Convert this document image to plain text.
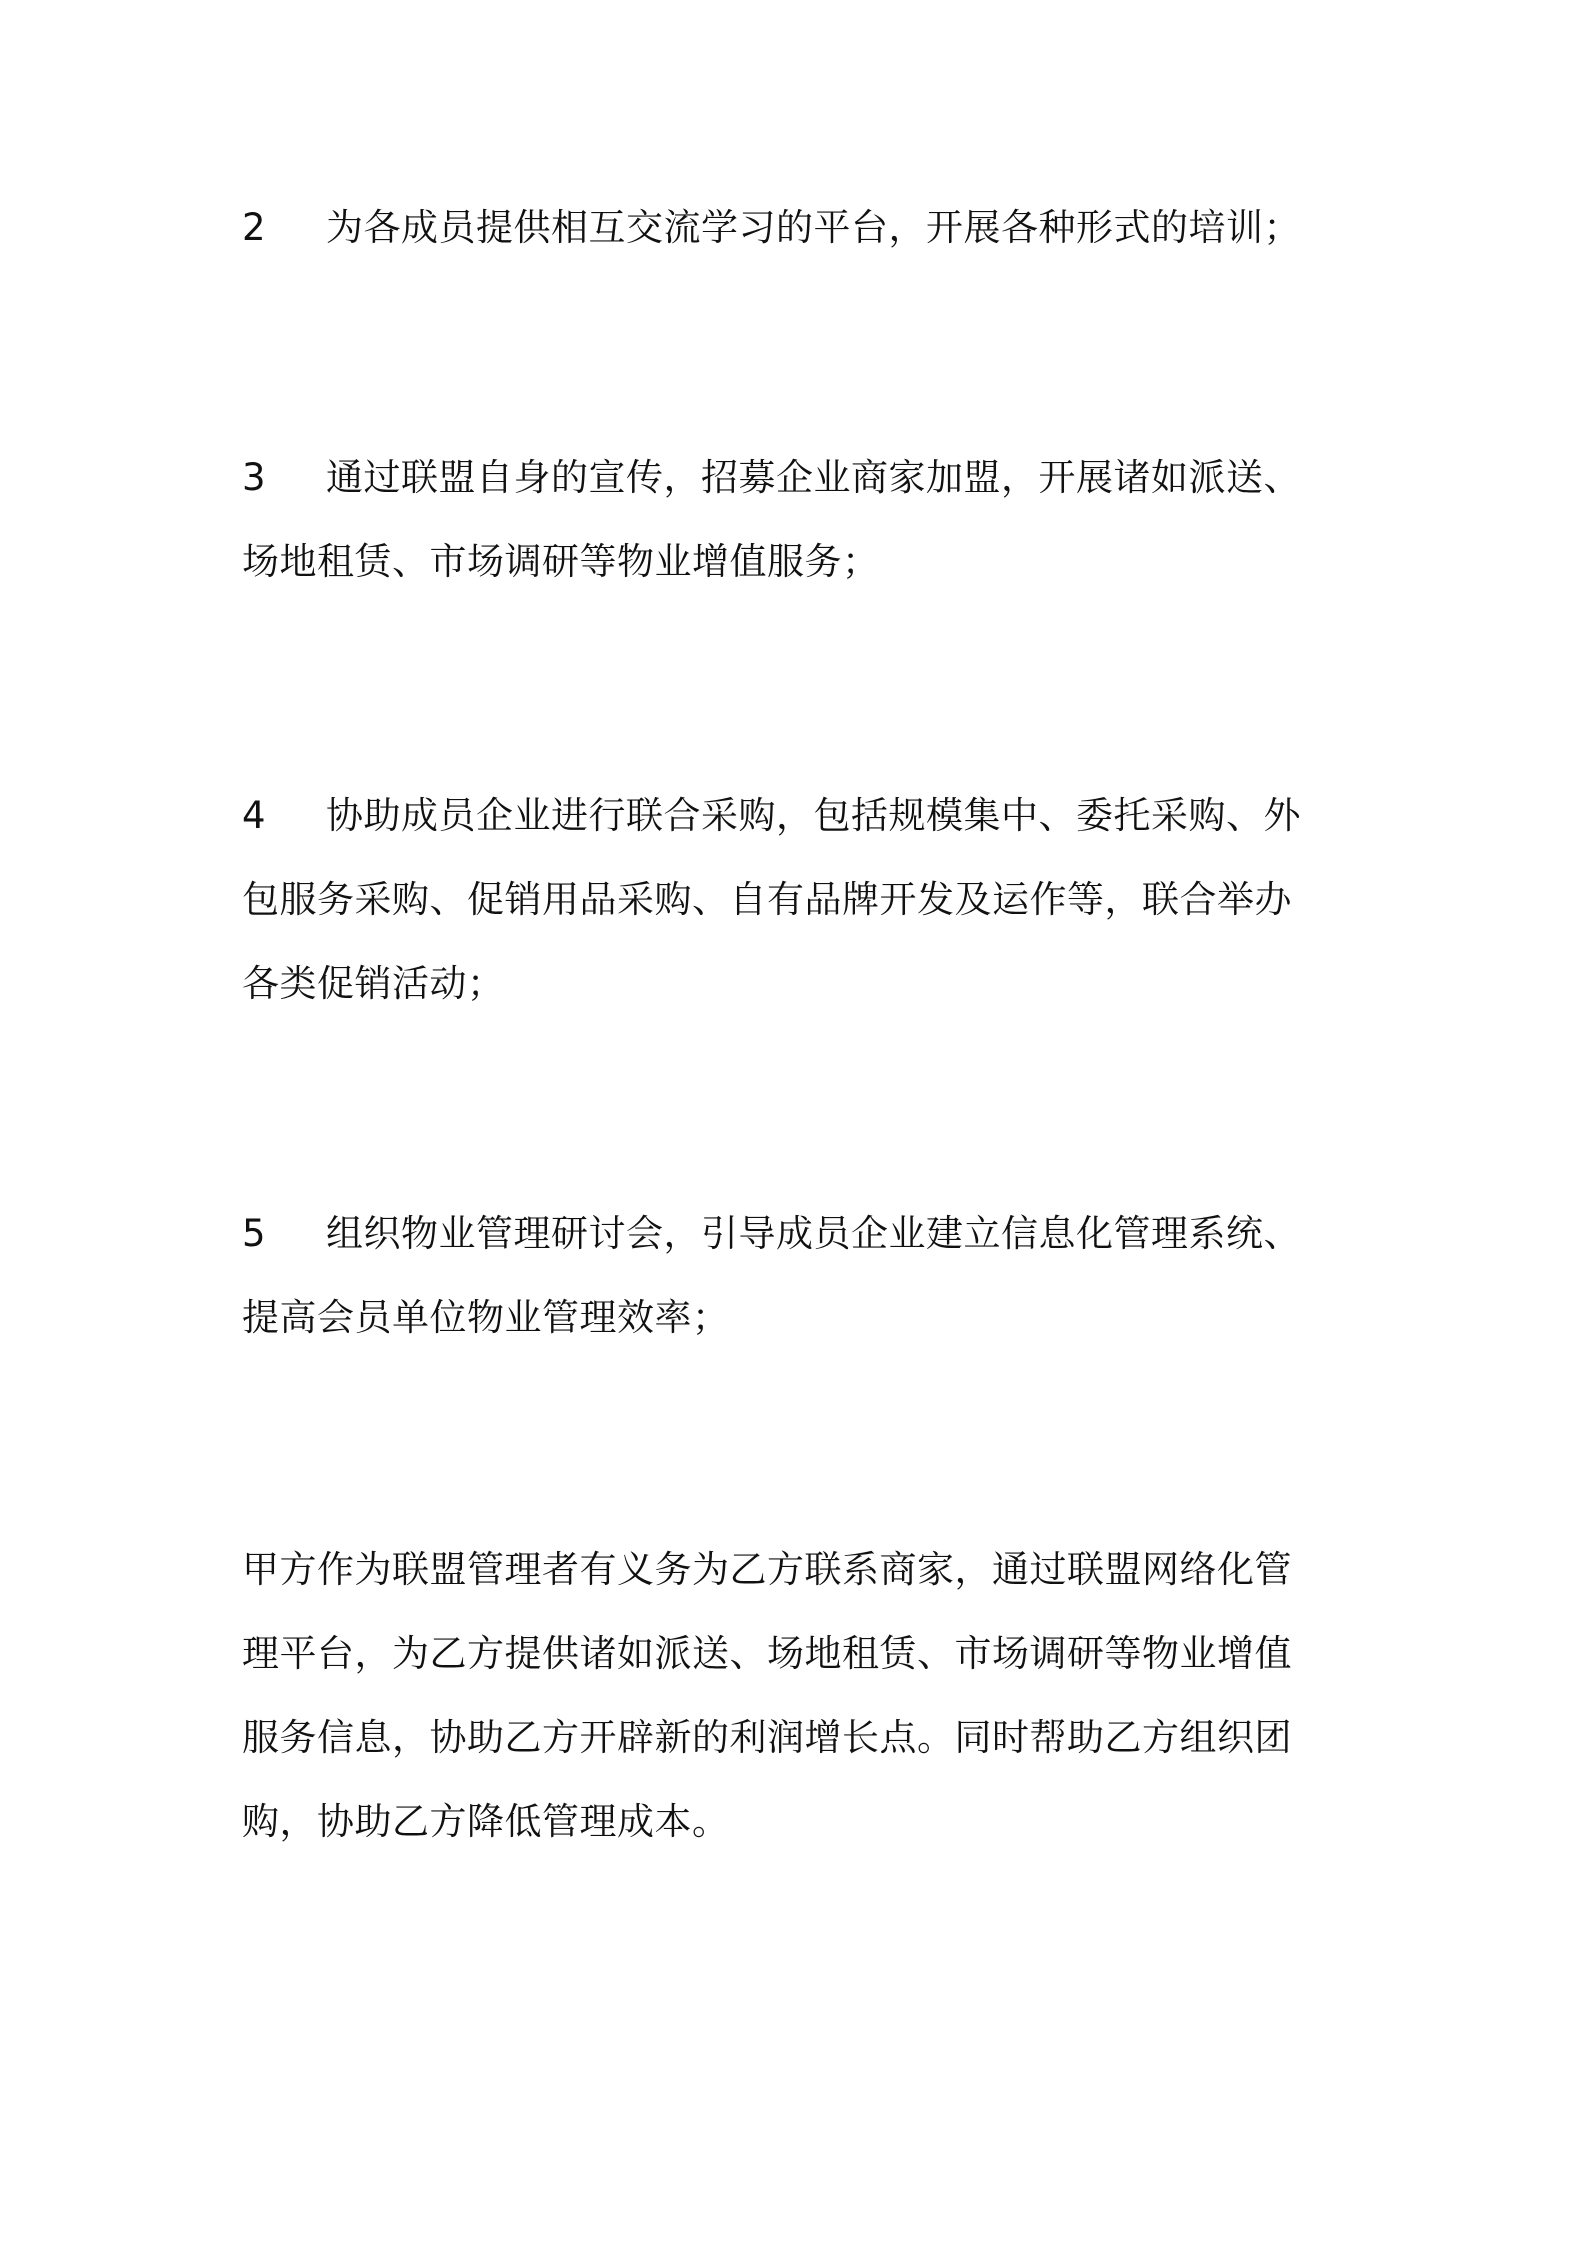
2 为各成员提供相互交流学习的平台，开展各种形式的培训；
3 通过联盟自身的宣传，招募企业商家加盟，开展诸如派送、
场地租赁、市场调研等物业增值服务；
4 协助成员企业进行联合采购，包括规模集中、委托采购、外
包服务采购、促销用品采购、自有品牌开发及运作等，联合举办
各类促销活动；
5 组织物业管理研讨会，引导成员企业建立信息化管理系统、
提高会员单位物业管理效率；
甲方作为联盟管理者有义务为乙方联系商家，通过联盟网络化管
理平台，为乙方提供诸如派送、场地租赁、市场调研等物业增值
服务信息，协助乙方开辟新的利润增长点。同时帮助乙方组织团
购，协助乙方降低管理成本。
